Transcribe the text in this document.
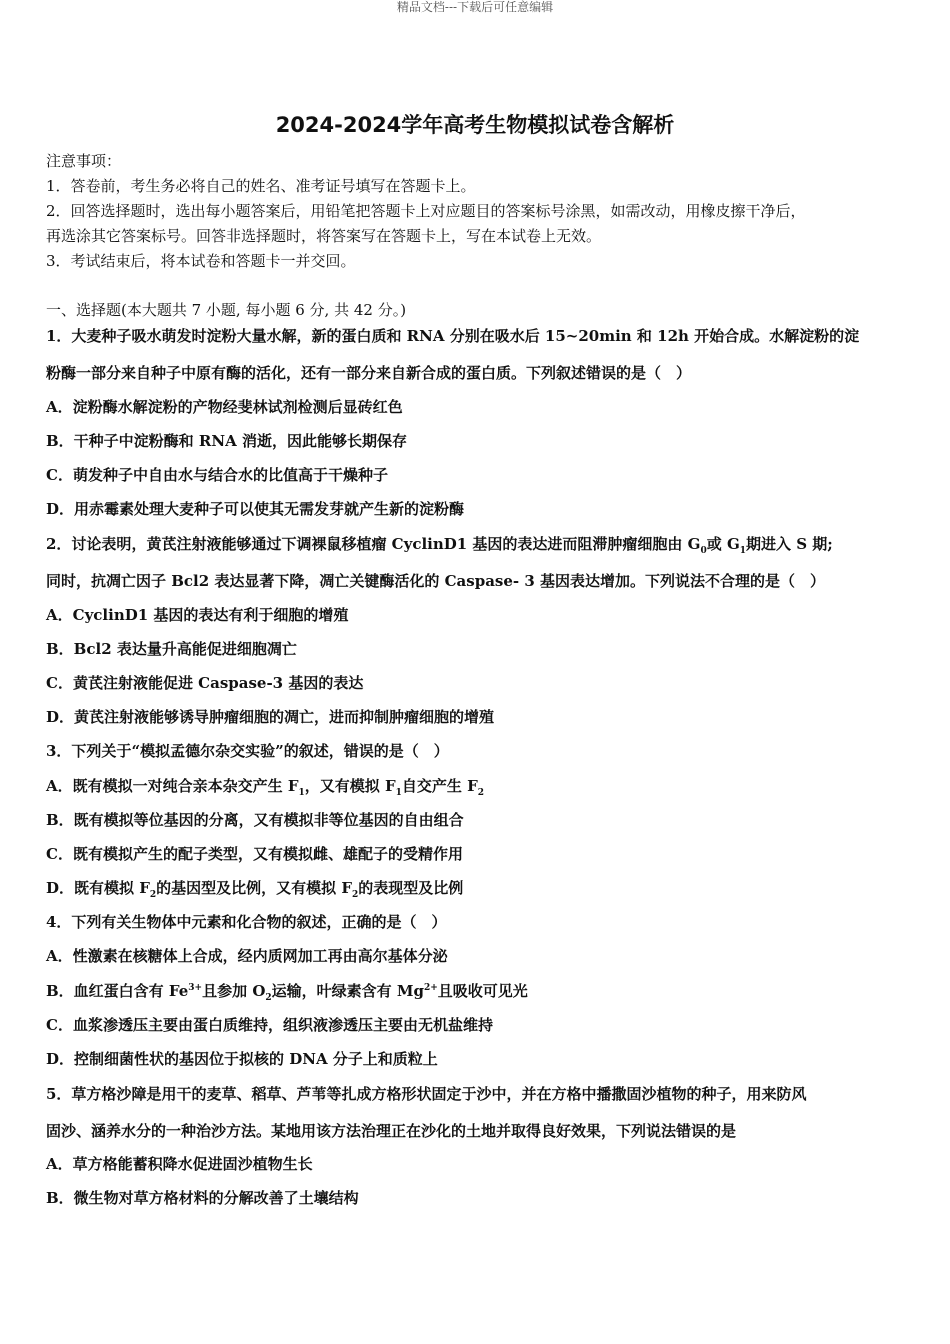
精品文档---下载后可任意编辑
2024-2024学年高考生物模拟试卷含解析
注意事项：
1．答卷前，考生务必将自己的姓名、准考证号填写在答题卡上。
2．回答选择题时，选出每小题答案后，用铅笔把答题卡上对应题目的答案标号涂黑，如需改动，用橡皮擦干净后，
再选涂其它答案标号。回答非选择题时，将答案写在答题卡上，写在本试卷上无效。
3．考试结束后，将本试卷和答题卡一并交回。
一、选择题(本大题共 7 小题, 每小题 6 分, 共 42 分。)
1．大麦种子吸水萌发时淀粉大量水解，新的蛋白质和 RNA 分别在吸水后 15~20min 和 12h 开始合成。水解淀粉的淀
粉酶一部分来自种子中原有酶的活化，还有一部分来自新合成的蛋白质。下列叙述错误的是（　）
A．淀粉酶水解淀粉的产物经斐林试剂检测后显砖红色
B．干种子中淀粉酶和 RNA 消逝，因此能够长期保存
C．萌发种子中自由水与结合水的比值高于干燥种子
D．用赤霉素处理大麦种子可以使其无需发芽就产生新的淀粉酶
2．讨论表明，黄芪注射液能够通过下调裸鼠移植瘤 CyclinD1 基因的表达进而阻滞肿瘤细胞由 $G_0$或 $G_1$期进入 S 期;
同时，抗凋亡因子 Bcl2 表达显著下降，凋亡关键酶活化的 Caspase- 3 基因表达增加。下列说法不合理的是（　）
A．CyclinD1 基因的表达有利于细胞的增殖
B．Bcl2 表达量升高能促进细胞凋亡
C．黄芪注射液能促进 Caspase-3 基因的表达
D．黄芪注射液能够诱导肿瘤细胞的凋亡，进而抑制肿瘤细胞的增殖
3．下列关于“模拟孟德尔杂交实验”的叙述，错误的是（　）
A．既有模拟一对纯合亲本杂交产生 $F_1$，又有模拟 $F_1$自交产生 $F_2$
B．既有模拟等位基因的分离，又有模拟非等位基因的自由组合
C．既有模拟产生的配子类型，又有模拟雌、雄配子的受精作用
D．既有模拟 $F_2$的基因型及比例，又有模拟 $F_2$的表现型及比例
4．下列有关生物体中元素和化合物的叙述，正确的是（　）
A．性激素在核糖体上合成，经内质网加工再由高尔基体分泌
B．血红蛋白含有 $Fe^{3+}$且参加 $O_2$运输，叶绿素含有 $Mg^{2+}$且吸收可见光
C．血浆渗透压主要由蛋白质维持，组织液渗透压主要由无机盐维持
D．控制细菌性状的基因位于拟核的 DNA 分子上和质粒上
5．草方格沙障是用干的麦草、稻草、芦苇等扎成方格形状固定于沙中，并在方格中播撒固沙植物的种子，用来防风
固沙、涵养水分的一种治沙方法。某地用该方法治理正在沙化的土地并取得良好效果，下列说法错误的是
A．草方格能蓄积降水促进固沙植物生长
B．微生物对草方格材料的分解改善了土壤结构
